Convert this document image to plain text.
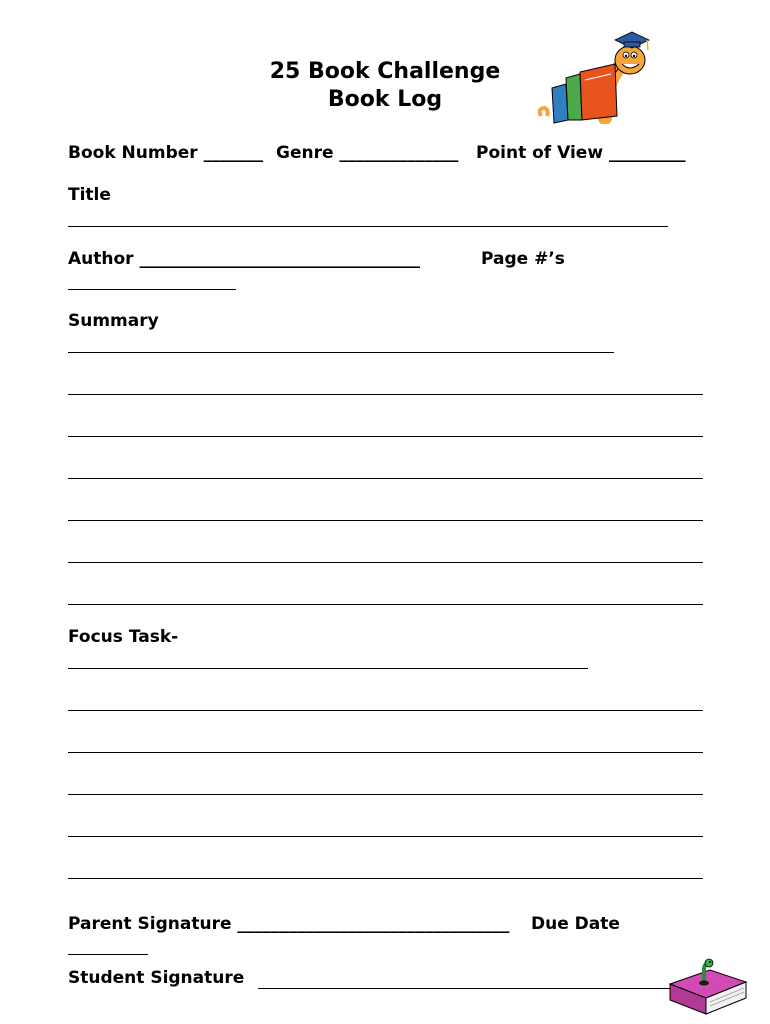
25 Book Challenge
Book Log
Book Number _______ Genre ______________ Point of View _________
Title
Author _________________________________	Page #’s
Summary
Focus Task-
Parent Signature ________________________________ Due Date
Student Signature
